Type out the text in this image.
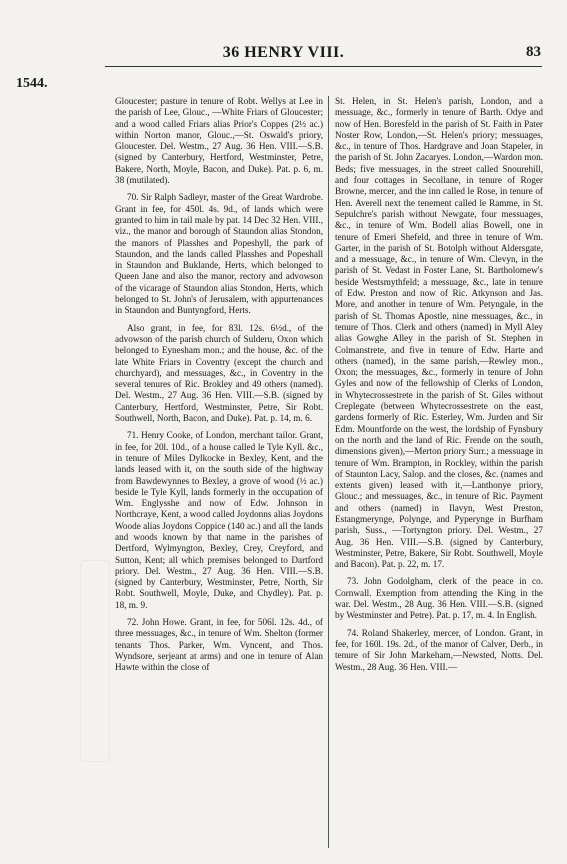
36 HENRY VIII.	83
1544.

Gloucester; pasture in tenure of Robt. Wellys at Lee in the parish of Lee, Glouc., —White Friars of Gloucester; and a wood called Friars alias Prior's Coppes (2½ ac.) within Norton manor, Glouc.,—St. Oswald's priory, Gloucester. Del. Westm., 27 Aug. 36 Hen. VIII.—S.B. (signed by Canterbury, Hertford, Westminster, Petre, Bakere, North, Moyle, Bacon, and Duke). Pat. p. 6, m. 38 (mutilated).

70. Sir Ralph Sadleyr, master of the Great Wardrobe. Grant in fee, for 450l. 4s. 9d., of lands which were granted to him in tail male by pat. 14 Dec 32 Hen. VIII., viz., the manor and borough of Staundon alias Stondon, the manors of Plasshes and Popeshyll, the park of Staundon, and the lands called Plasshes and Popeshall in Staundon and Buklande, Herts, which belonged to Queen Jane and also the manor, rectory and advowson of the vicarage of Staundon alias Stondon, Herts, which belonged to St. John's of Jerusalem, with appurtenances in Staundon and Buntyngford, Herts.

Also grant, in fee, for 83l. 12s. 6½d., of the advowson of the parish church of Sulderu, Oxon which belonged to Eynesham mon.; and the house, &c. of the late White Friars in Coventry (except the church and churchyard), and messuages, &c., in Coventry in the several tenures of Ric. Brokley and 49 others (named). Del. Westm., 27 Aug. 36 Hen. VIII.—S.B. (signed by Canterbury, Hertford, Westminster, Petre, Sir Robt. Southwell, North, Bacon, and Duke). Pat. p. 14, m. 6.

71. Henry Cooke, of London, merchant tailor. Grant, in fee, for 20l. 10d., of a house called le Tyle Kyll. &c., in tenure of Miles Dylkocke in Bexley, Kent, and the lands leased with it, on the south side of the highway from Bawdewynnes to Bexley, a grove of wood (½ ac.) beside le Tyle Kyll, lands formerly in the occupation of Wm. Englysshe and now of Edw. Johnson in Northcraye, Kent, a wood called Joydonns alias Joydons Woode alias Joydons Coppice (140 ac.) and all the lands and woods known by that name in the parishes of Dertford, Wylmyngton, Bexley, Crey, Creyford, and Sutton, Kent; all which premises belonged to Dartford priory. Del. Westm., 27 Aug. 36 Hen. VIII.—S.B. (signed by Canterbury, Westminster, Petre, North, Sir Robt. Southwell, Moyle, Duke, and Chydley). Pat. p. 18, m. 9.

72. John Howe. Grant, in fee, for 506l. 12s. 4d., of three messuages, &c., in tenure of Wm. Shelton (former tenants Thos. Parker, Wm. Vyncent, and Thos. Wyndsore, serjeant at arms) and one in tenure of Alan Hawte within the close of

St. Helen, in St. Helen's parish, London, and a messuage, &c., formerly in tenure of Barth. Odye and now of Hen. Boresfeld in the parish of St. Faith in Pater Noster Row, London,—St. Helen's priory; messuages, &c., in tenure of Thos. Hardgrave and Joan Stapeler, in the parish of St. John Zacaryes. London,—Wardon mon. Beds; five messuages, in the street called Snourehill, and four cottages in Secollane, in tenure of Roger Browne, mercer, and the inn called le Rose, in tenure of Hen. Averell next the tenement called le Ramme, in St. Sepulchre's parish without Newgate, four messuages, &c., in tenure of Wm. Bodell alias Bowell, one in tenure of Emeri Shefeld, and three in tenure of Wm. Garter, in the parish of St. Botolph without Aldersgate, and a messuage, &c., in tenure of Wm. Clevyn, in the parish of St. Vedast in Foster Lane, St. Bartholomew's beside Westsmythfeld; a messuage, &c., late in tenure of Edw. Preston and now of Ric. Atkynson and Jas. More, and another in tenure of Wm. Petyngale, in the parish of St. Thomas Apostle, nine messuages, &c., in tenure of Thos. Clerk and others (named) in Myll Aley alias Gowghe Alley in the parish of St. Stephen in Colmanstrete, and five in tenure of Edw. Harte and others (named), in the same parish,—Rewley mon., Oxon; the messuages, &c., formerly in tenure of John Gyles and now of the fellowship of Clerks of London, in Whytecrossestrete in the parish of St. Giles without Creplegate (between Whytecrossestrete on the east, gardens formerly of Ric. Esterley, Wm. Jurden and Sir Edm. Mountforde on the west, the lordship of Fynsbury on the north and the land of Ric. Frende on the south, dimensions given),—Merton priory Surr.; a messuage in tenure of Wm. Brampton, in Rockley, within the parish of Staunton Lacy, Salop. and the closes, &c. (names and extents given) leased with it,—Lanthonye priory, Glouc.; and messuages, &c., in tenure of Ric. Payment and others (named) in Ilavyn, West Preston, Estangmerynge, Polynge, and Pyperynge in Burfham parish, Suss., —Tortyngton priory. Del. Westm., 27 Aug. 36 Hen. VIII.—S.B. (signed by Canterbury, Westminster, Petre, Bakere, Sir Robt. Southwell, Moyle and Bacon). Pat. p. 22, m. 17.

73. John Godolgham, clerk of the peace in co. Cornwall. Exemption from attending the King in the war. Del. Westm., 28 Aug. 36 Hen. VIII.—S.B. (signed by Westminster and Petre). Pat. p. 17, m. 4. In English.

74. Roland Shakerley, mercer, of London. Grant, in fee, for 160l. 19s. 2d., of the manor of Calver, Derb., in tenure of Sir John Markeham,—Newsted, Notts. Del. Westm., 28 Aug. 36 Hen. VIII.—
